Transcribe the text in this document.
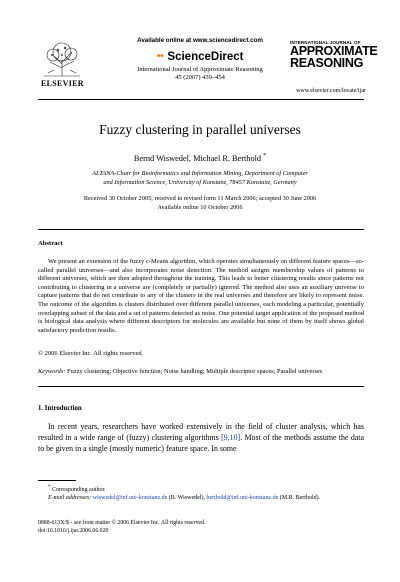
ELSEVIER
Available online at www.sciencedirect.com
●● ScienceDirect
International Journal of Approximate Reasoning
45 (2007) 439–454
INTERNATIONAL JOURNAL OF
APPROXIMATE
REASONING
www.elsevier.com/locate/ijar
Fuzzy clustering in parallel universes
Bernd Wiswedel, Michael R. Berthold *
ALTANA-Chair for Bioinformatics and Information Mining, Department of Computer
and Information Science, University of Konstanz, 78457 Konstanz, Germany
Received 30 October 2005; received in revised form 11 March 2006; accepted 30 June 2006
Available online 10 October 2006
Abstract
We present an extension of the fuzzy c-Means algorithm, which operates simultaneously on different feature spaces—so-called parallel universes—and also incorporates noise detection. The method assigns membership values of patterns to different universes, which are then adopted throughout the training. This leads to better clustering results since patterns not contributing to clustering in a universe are (completely or partially) ignored. The method also uses an auxiliary universe to capture patterns that do not contribute to any of the clusters in the real universes and therefore are likely to represent noise. The outcome of the algorithm is clusters distributed over different parallel universes, each modeling a particular, potentially overlapping subset of the data and a set of patterns detected as noise. One potential target application of the proposed method is biological data analysis where different descriptors for molecules are available but none of them by itself shows global satisfactory prediction results.
© 2006 Elsevier Inc. All rights reserved.
Keywords: Fuzzy clustering; Objective function; Noise handling; Multiple descriptor spaces; Parallel universes
1. Introduction
In recent years, researchers have worked extensively in the field of cluster analysis, which has resulted in a wide range of (fuzzy) clustering algorithms [9,10]. Most of the methods assume the data to be given in a single (mostly numeric) feature space. In some
* Corresponding author.
E-mail addresses: wiswedel@inf.uni-konstanz.de (B. Wiswedel), berthold@inf.uni-konstanz.de (M.R. Berthold).
0888-613X/$ - see front matter © 2006 Elsevier Inc. All rights reserved.
doi:10.1016/j.ijar.2006.06.020
